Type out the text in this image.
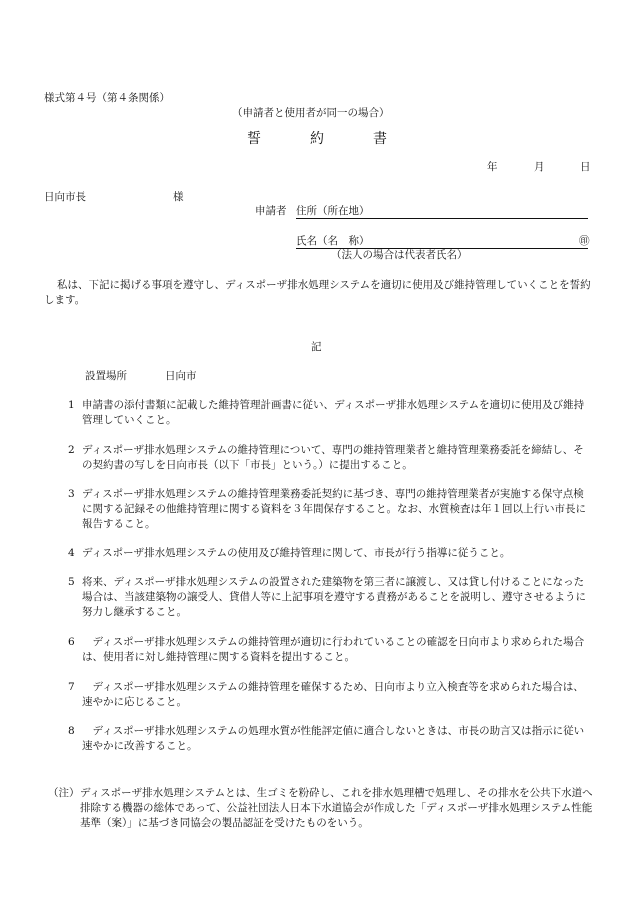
様式第４号（第４条関係）
（申請者と使用者が同一の場合）
誓	約	書
年	月	日
日向市長	様
申請者 住所（所在地）
氏名（名　称）	㊞
（法人の場合は代表者氏名）
私は、下記に掲げる事項を遵守し、ディスポーザ排水処理システムを適切に使用及び維持管理していくことを誓約します。
記
設置場所	日向市
1 申請書の添付書類に記載した維持管理計画書に従い、ディスポーザ排水処理システムを適切に使用及び維持管理していくこと。
2 ディスポーザ排水処理システムの維持管理について、専門の維持管理業者と維持管理業務委託を締結し、その契約書の写しを日向市長（以下「市長」という。）に提出すること。
3 ディスポーザ排水処理システムの維持管理業務委託契約に基づき、専門の維持管理業者が実施する保守点検に関する記録その他維持管理に関する資料を３年間保存すること。なお、水質検査は年１回以上行い市長に報告すること。
4 ディスポーザ排水処理システムの使用及び維持管理に関して、市長が行う指導に従うこと。
5 将来、ディスポーザ排水処理システムの設置された建築物を第三者に譲渡し、又は貸し付けることになった場合は、当該建築物の譲受人、貸借人等に上記事項を遵守する責務があることを説明し、遵守させるように努力し継承すること。
6 　ディスポーザ排水処理システムの維持管理が適切に行われていることの確認を日向市より求められた場合は、使用者に対し維持管理に関する資料を提出すること。
7 　ディスポーザ排水処理システムの維持管理を確保するため、日向市より立入検査等を求められた場合は、速やかに応じること。
8 　ディスポーザ排水処理システムの処理水質が性能評定値に適合しないときは、市長の助言又は指示に従い速やかに改善すること。
（注） ディスポーザ排水処理システムとは、生ゴミを粉砕し、これを排水処理槽で処理し、その排水を公共下水道へ排除する機器の総体であって、公益社団法人日本下水道協会が作成した「ディスポーザ排水処理システム性能基準（案）」に基づき同協会の製品認証を受けたものをいう。
